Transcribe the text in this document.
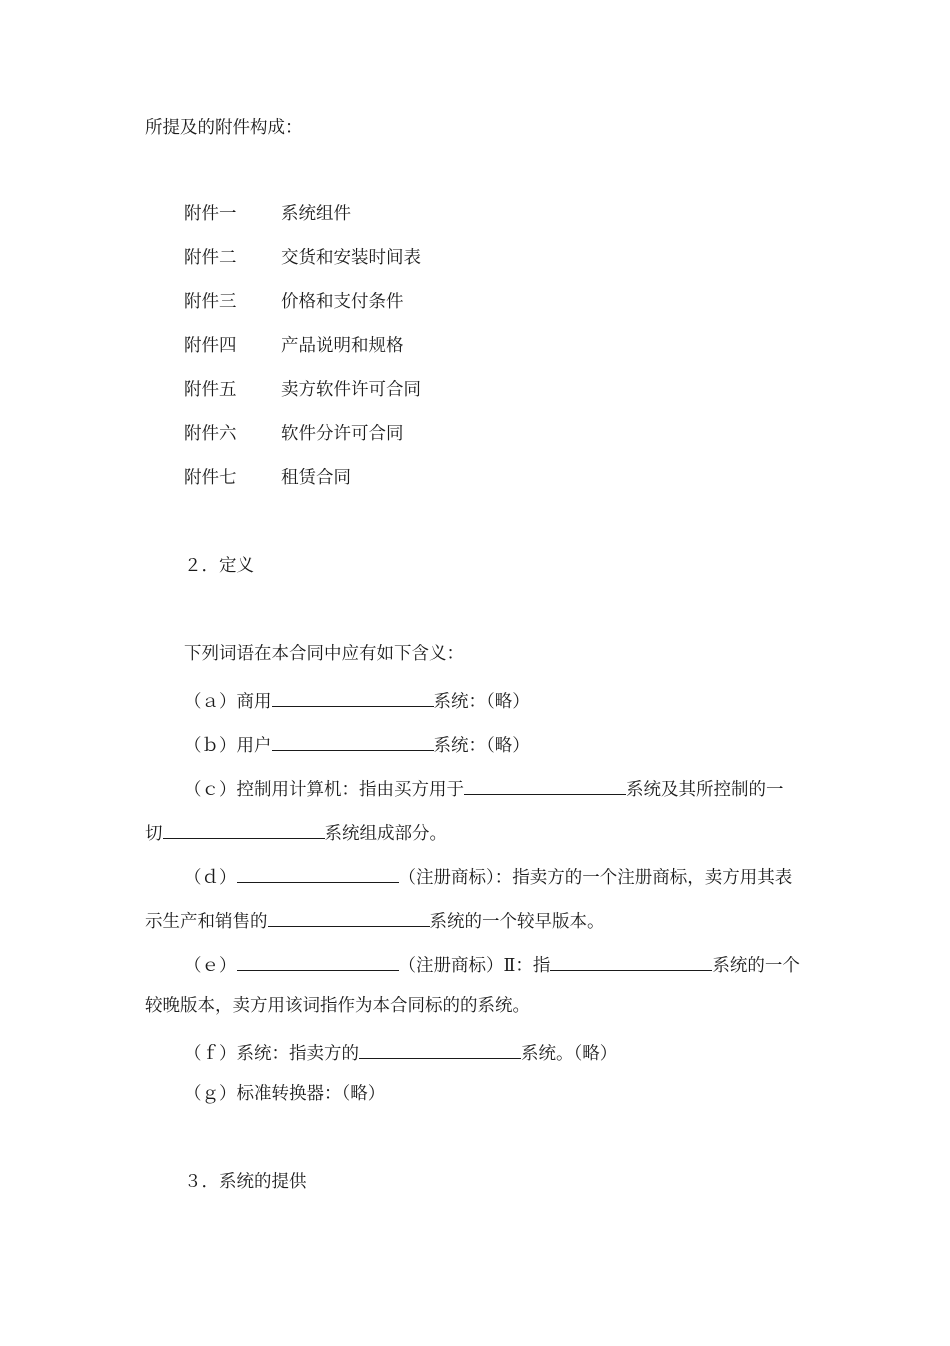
所提及的附件构成：
附件一	系统组件
附件二	交货和安装时间表
附件三	价格和支付条件
附件四	产品说明和规格
附件五	卖方软件许可合同
附件六	软件分许可合同
附件七	租赁合同
２．定义
下列词语在本合同中应有如下含义：
（ａ）商用	系统：（略）
（ｂ）用户	系统：（略）
（ｃ）控制用计算机：指由买方用于	系统及其所控制的一
切	系统组成部分。
（ｄ）	（注册商标）：指卖方的一个注册商标，卖方用其表
示生产和销售的	系统的一个较早版本。
（ｅ）	（注册商标）Ⅱ：指	系统的一个
较晚版本，卖方用该词指作为本合同标的的系统。
（ｆ）系统：指卖方的	系统。（略）
（ｇ）标准转换器：（略）
３．系统的提供
